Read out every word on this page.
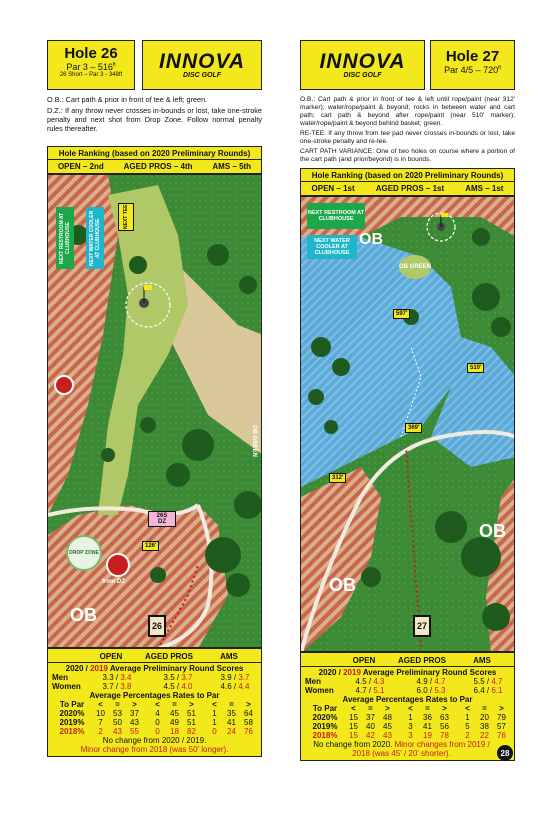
Hole 26
Par $3 - 516^{ft}$
26 Short – Par 3 - 348ft
INNOVA
DISC GOLF

O.B.: Cart path & prior in front of tee & left; green.

D.Z.: If any throw never crosses in-bounds or lost, take one-stroke penalty and next shot from Drop Zone. Follow normal penalty rules thereafter.

Hole Ranking (based on 2020 Preliminary Rounds)
OPEN – 2nd AGED PROS – 4th AMS – 5th
NEXT RESTROOM AT CLUBHOUSE	NEXT WATER COOLER AT CLUBHOUSE
NEXT TEE
OB GREEN
26S DZ
126'
DROP ZONE
from DZ
OB
26
OPEN	AGED PROS	AMS
2020 / 2019 Average Preliminary Round Scores
Men	3.3 / 3.4	3.5 / 3.7	3.9 / 3.7
Women	3.7 / 3.8	4.5 / 4.0	4.6 / 4.4
Average Percentages Rates to Par
To Par	<	=	>	<	=	>	<	=	>
2020%	10	53	37	4	45	51	1	35	64
2019%	7	50	43	0	49	51	1	41	58
2018%	2	43	55	0	18	82	0	24	76
No change from 2020 / 2019.
Minor change from 2018 (was 50' longer).
INNOVA
DISC GOLF
Hole 27
Par $4/5 - 720^{ft}$

O.B.: Cart path & prior in front of tee & left until rope/paint (near 312' marker); water/rope/paint & beyond; rocks in between water and cart path; cart path & beyond after rope/paint (near 510' marker); water/rope/paint & beyond behind basket; green.

RE-TEE: If any throw from tee pad never crosses in-bounds or lost, take one-stroke penalty and re-tee.

CART PATH VARIANCE: One of two holes on course where a portion of the cart path (and prior/beyond) is in bounds.

Hole Ranking (based on 2020 Preliminary Rounds)
OPEN – 1st	AGED PROS – 1st	AMS – 1st
NEXT RESTROOM AT CLUBHOUSE
NEXT WATER COOLER AT CLUBHOUSE
OB
OB GREEN
597'
510'
369'
312'
OB
OB
27
OPEN	AGED PROS	AMS
2020 / 2019 Average Preliminary Round Scores
Men	4.5 / 4.3	4.9 / 4.7	5.5 / 4.7
Women	4.7 / 5.1	6.0 / 5.3	6.4 / 6.1
Average Percentages Rates to Par
To Par	<	=	>	<	=	>	<	=	>
2020%	15	37	48	1	36	63	1	20	79
2019%	15	40	45	3	41	56	5	38	57
2018%	15	42	43	3	19	78	2	22	76
No change from 2020. Minor changes from 2019 / 2018 (was 45' / 20' shorter).	28
